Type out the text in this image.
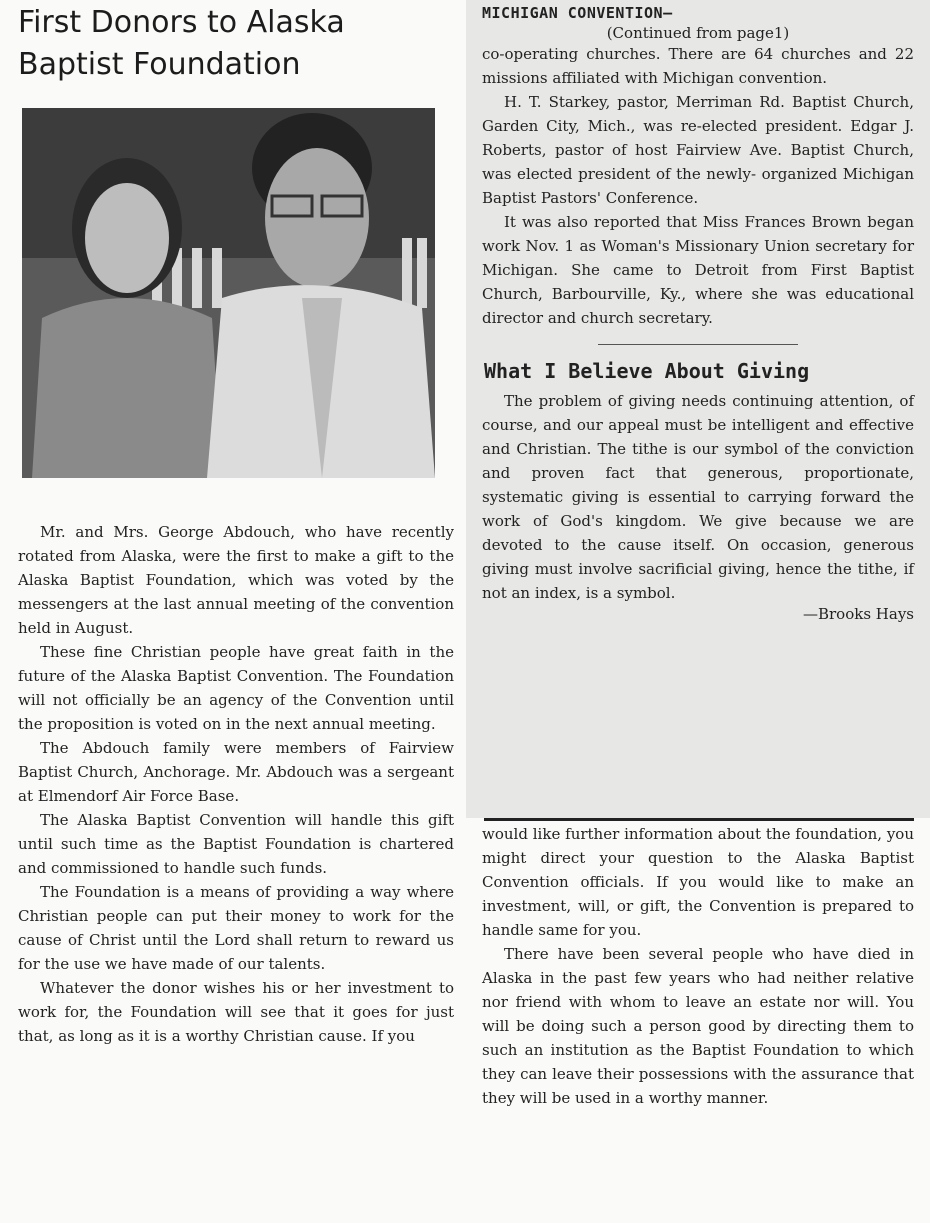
First Donors to Alaska Baptist Foundation

Mr. and Mrs. George Abdouch, who have recently rotated from Alaska, were the first to make a gift to the Alaska Baptist Foundation, which was voted by the messengers at the last annual meeting of the convention held in August.

These fine Christian people have great faith in the future of the Alaska Baptist Convention. The Foundation will not officially be an agency of the Convention until the proposition is voted on in the next annual meeting.

The Abdouch family were members of Fairview Baptist Church, Anchorage. Mr. Abdouch was a sergeant at Elmendorf Air Force Base.

The Alaska Baptist Convention will handle this gift until such time as the Baptist Foundation is chartered and commissioned to handle such funds.

The Foundation is a means of providing a way where Christian people can put their money to work for the cause of Christ until the Lord shall return to reward us for the use we have made of our talents.

Whatever the donor wishes his or her investment to work for, the Foundation will see that it goes for just that, as long as it is a worthy Christian cause. If you

MICHIGAN CONVENTION—
(Continued from page1)

co-operating churches. There are 64 churches and 22 missions affiliated with Michigan convention.

H. T. Starkey, pastor, Merriman Rd. Baptist Church, Garden City, Mich., was re-elected president. Edgar J. Roberts, pastor of host Fairview Ave. Baptist Church, was elected president of the newly- organized Michigan Baptist Pastors' Conference.

It was also reported that Miss Frances Brown began work Nov. 1 as Woman's Missionary Union secretary for Michigan. She came to Detroit from First Baptist Church, Barbourville, Ky., where she was educational director and church secretary.

What I Believe About Giving

The problem of giving needs continuing attention, of course, and our appeal must be intelligent and effective and Christian. The tithe is our symbol of the conviction and proven fact that generous, proportionate, systematic giving is essential to carrying forward the work of God's kingdom. We give because we are devoted to the cause itself. On occasion, generous giving must involve sacrificial giving, hence the tithe, if not an index, is a symbol.

—Brooks Hays

would like further information about the foundation, you might direct your question to the Alaska Baptist Convention officials. If you would like to make an investment, will, or gift, the Convention is prepared to handle same for you.

There have been several people who have died in Alaska in the past few years who had neither relative nor friend with whom to leave an estate nor will. You will be doing such a person good by directing them to such an institution as the Baptist Foundation to which they can leave their possessions with the assurance that they will be used in a worthy manner.
